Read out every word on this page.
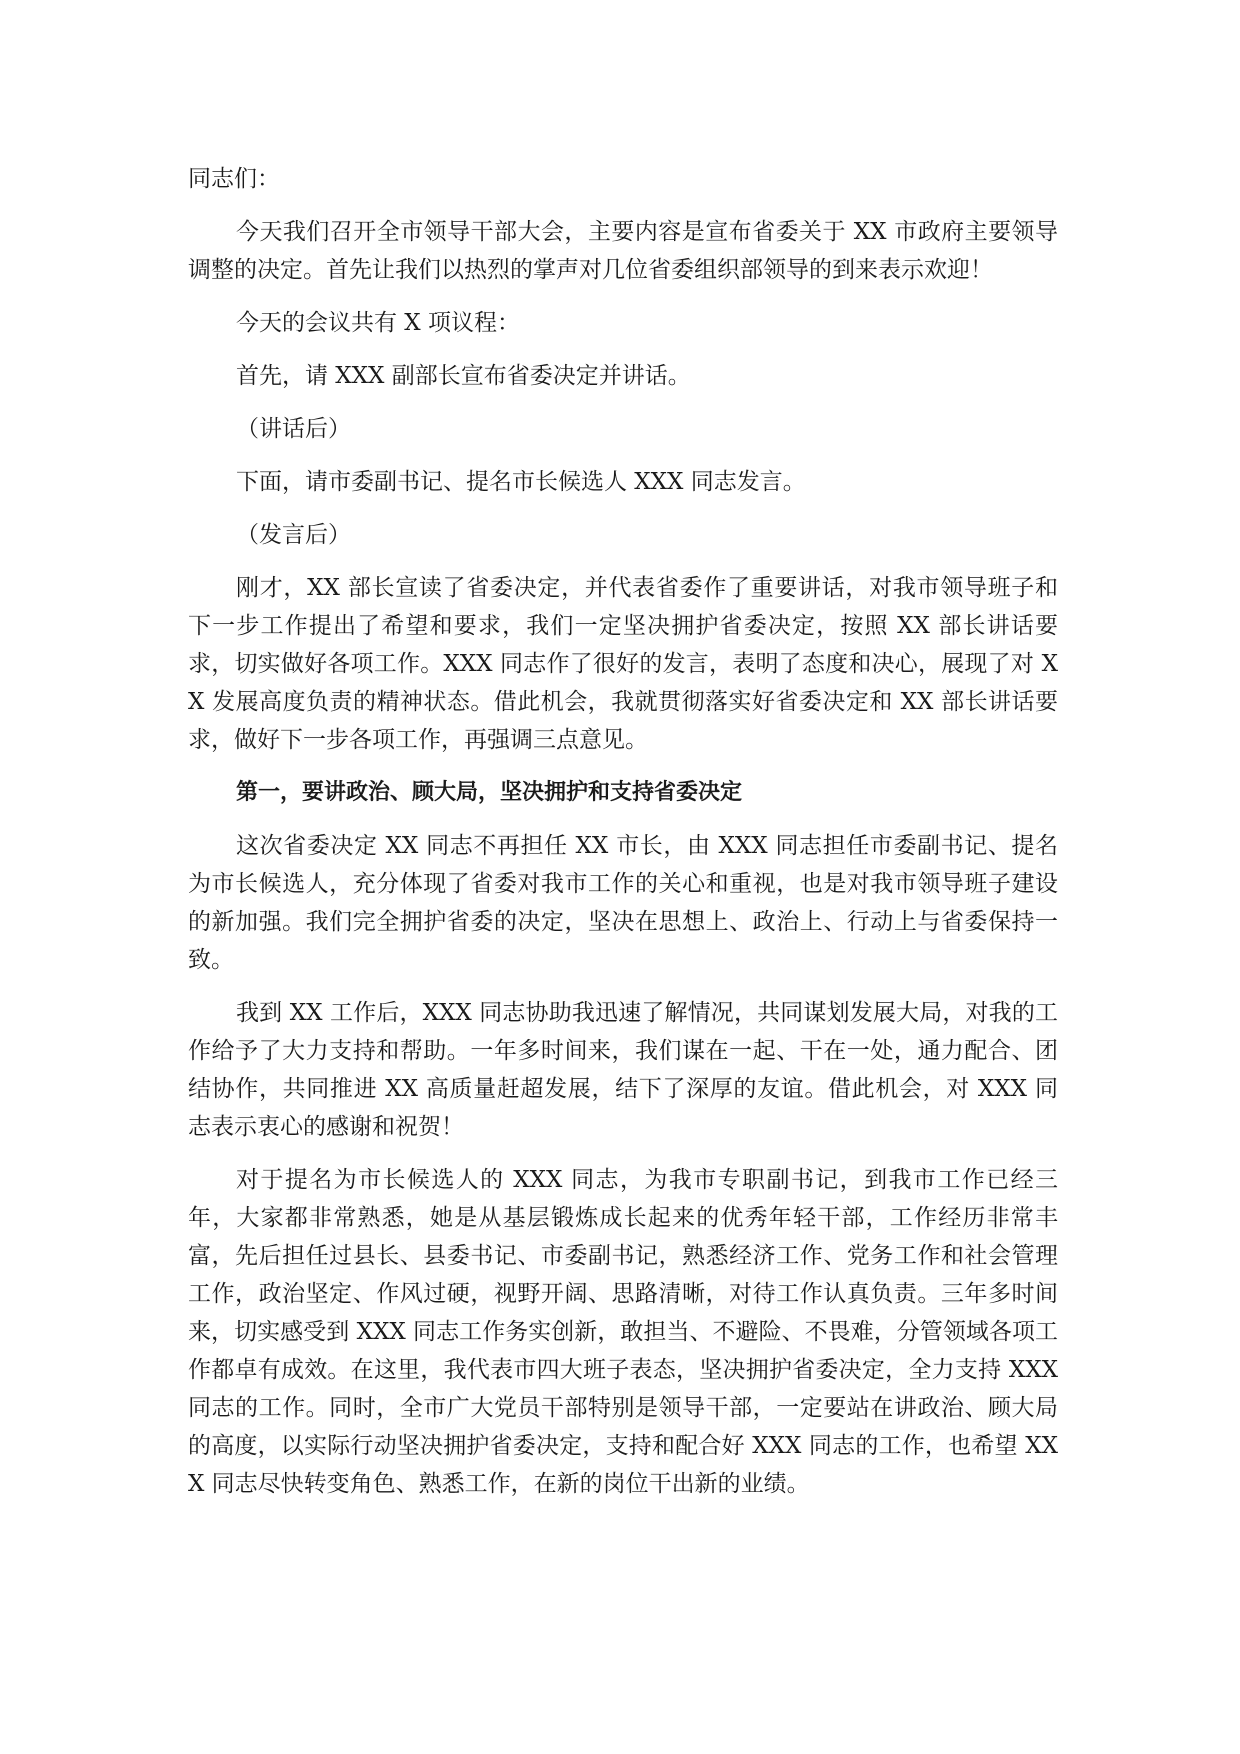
同志们：

今天我们召开全市领导干部大会，主要内容是宣布省委关于 XX 市政府主要领导调整的决定。首先让我们以热烈的掌声对几位省委组织部领导的到来表示欢迎！

今天的会议共有 X 项议程：

首先，请 XXX 副部长宣布省委决定并讲话。

（讲话后）

下面，请市委副书记、提名市长候选人 XXX 同志发言。

（发言后）

刚才，XX 部长宣读了省委决定，并代表省委作了重要讲话，对我市领导班子和下一步工作提出了希望和要求，我们一定坚决拥护省委决定，按照 XX 部长讲话要求，切实做好各项工作。XXX 同志作了很好的发言，表明了态度和决心，展现了对 XX 发展高度负责的精神状态。借此机会，我就贯彻落实好省委决定和 XX 部长讲话要求，做好下一步各项工作，再强调三点意见。

第一，要讲政治、顾大局，坚决拥护和支持省委决定

这次省委决定 XX 同志不再担任 XX 市长，由 XXX 同志担任市委副书记、提名为市长候选人，充分体现了省委对我市工作的关心和重视，也是对我市领导班子建设的新加强。我们完全拥护省委的决定，坚决在思想上、政治上、行动上与省委保持一致。

我到 XX 工作后，XXX 同志协助我迅速了解情况，共同谋划发展大局，对我的工作给予了大力支持和帮助。一年多时间来，我们谋在一起、干在一处，通力配合、团结协作，共同推进 XX 高质量赶超发展，结下了深厚的友谊。借此机会，对 XXX 同志表示衷心的感谢和祝贺！

对于提名为市长候选人的 XXX 同志，为我市专职副书记，到我市工作已经三年，大家都非常熟悉，她是从基层锻炼成长起来的优秀年轻干部，工作经历非常丰富，先后担任过县长、县委书记、市委副书记，熟悉经济工作、党务工作和社会管理工作，政治坚定、作风过硬，视野开阔、思路清晰，对待工作认真负责。三年多时间来，切实感受到 XXX 同志工作务实创新，敢担当、不避险、不畏难，分管领域各项工作都卓有成效。在这里，我代表市四大班子表态，坚决拥护省委决定，全力支持 XXX 同志的工作。同时，全市广大党员干部特别是领导干部，一定要站在讲政治、顾大局的高度，以实际行动坚决拥护省委决定，支持和配合好 XXX 同志的工作，也希望 XXX 同志尽快转变角色、熟悉工作，在新的岗位干出新的业绩。
